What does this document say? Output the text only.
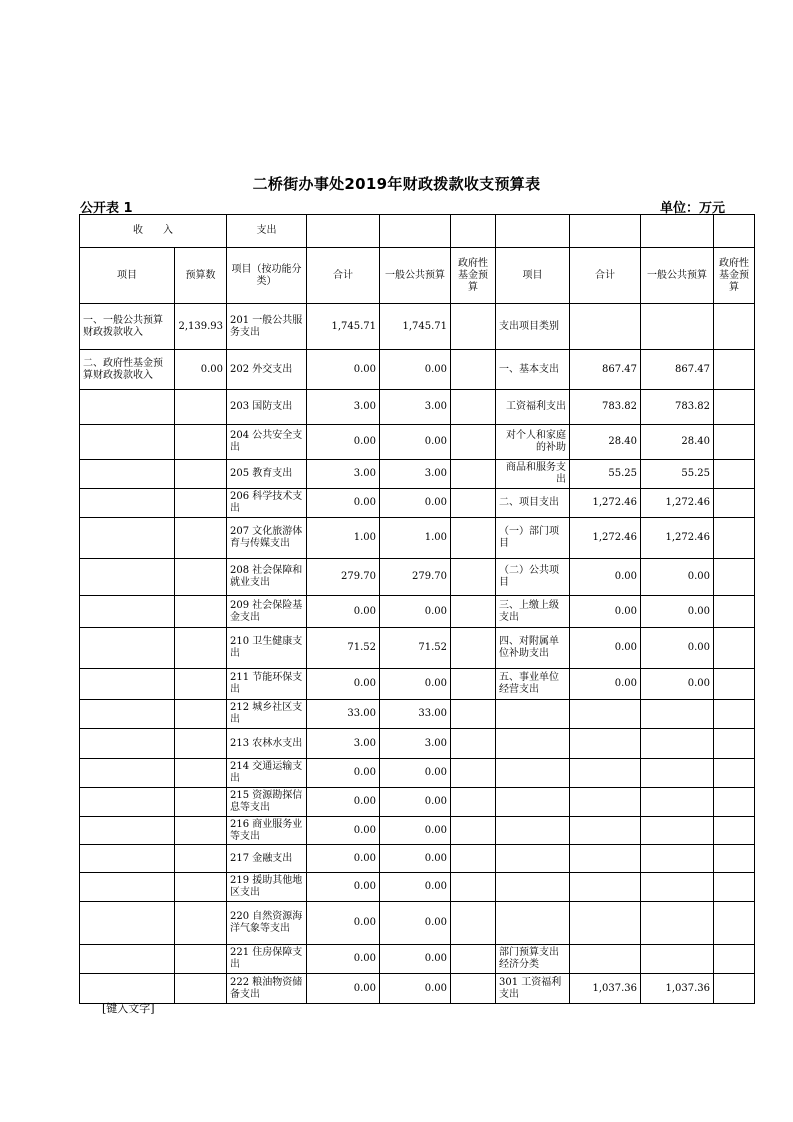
二桥街办事处2019年财政拨款收支预算表
公开表 1	单位：万元
收　　入		支出							
项目	预算数	项目（按功能分类）	合计	一般公共预算	政府性基金预算	项目	合计	一般公共预算	政府性基金预算
一、一般公共预算财政拨款收入	2,139.93	201 一般公共服务支出	1,745.71	1,745.71		支出项目类别			
二、政府性基金预算财政拨款收入	0.00	202 外交支出	0.00	0.00		一、基本支出	867.47	867.47	
		203 国防支出	3.00	3.00		工资福利支出	783.82	783.82	
		204 公共安全支出	0.00	0.00		对个人和家庭的补助	28.40	28.40	
		205 教育支出	3.00	3.00		商品和服务支出	55.25	55.25	
		206 科学技术支出	0.00	0.00		二、项目支出	1,272.46	1,272.46	
		207 文化旅游体育与传媒支出	1.00	1.00		（一）部门项目	1,272.46	1,272.46	
		208 社会保障和就业支出	279.70	279.70		（二）公共项目	0.00	0.00	
		209 社会保险基金支出	0.00	0.00		三、上缴上级支出	0.00	0.00	
		210 卫生健康支出	71.52	71.52		四、对附属单位补助支出	0.00	0.00	
		211 节能环保支出	0.00	0.00		五、事业单位经营支出	0.00	0.00	
		212 城乡社区支出	33.00	33.00					
		213 农林水支出	3.00	3.00					
		214 交通运输支出	0.00	0.00					
		215 资源勘探信息等支出	0.00	0.00					
		216 商业服务业等支出	0.00	0.00					
		217 金融支出	0.00	0.00					
		219 援助其他地区支出	0.00	0.00					
		220 自然资源海洋气象等支出	0.00	0.00					
		221 住房保障支出	0.00	0.00		部门预算支出经济分类			
		222 粮油物资储备支出	0.00	0.00		301 工资福利支出	1,037.36	1,037.36	
[键入文字]
